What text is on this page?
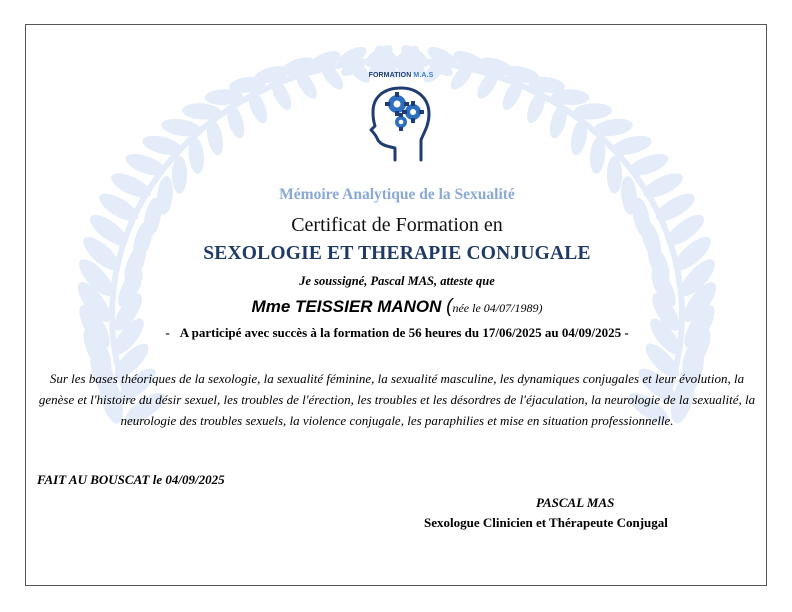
FORMATION M.A.S
Mémoire Analytique de la Sexualité
Certificat de Formation en
SEXOLOGIE ET THERAPIE CONJUGALE
Je soussigné, Pascal MAS, atteste que
Mme TEISSIER MANON (née le 04/07/1989)
- A participé avec succès à la formation de 56 heures du 17/06/2025 au 04/09/2025 -
Sur les bases théoriques de la sexologie, la sexualité féminine, la sexualité masculine, les dynamiques conjugales et leur évolution, la genèse et l'histoire du désir sexuel, les troubles de l'érection, les troubles et les désordres de l'éjaculation, la neurologie de la sexualité, la neurologie des troubles sexuels, la violence conjugale, les paraphilies et mise en situation professionnelle.
FAIT AU BOUSCAT le 04/09/2025
PASCAL MAS
Sexologue Clinicien et Thérapeute Conjugal
